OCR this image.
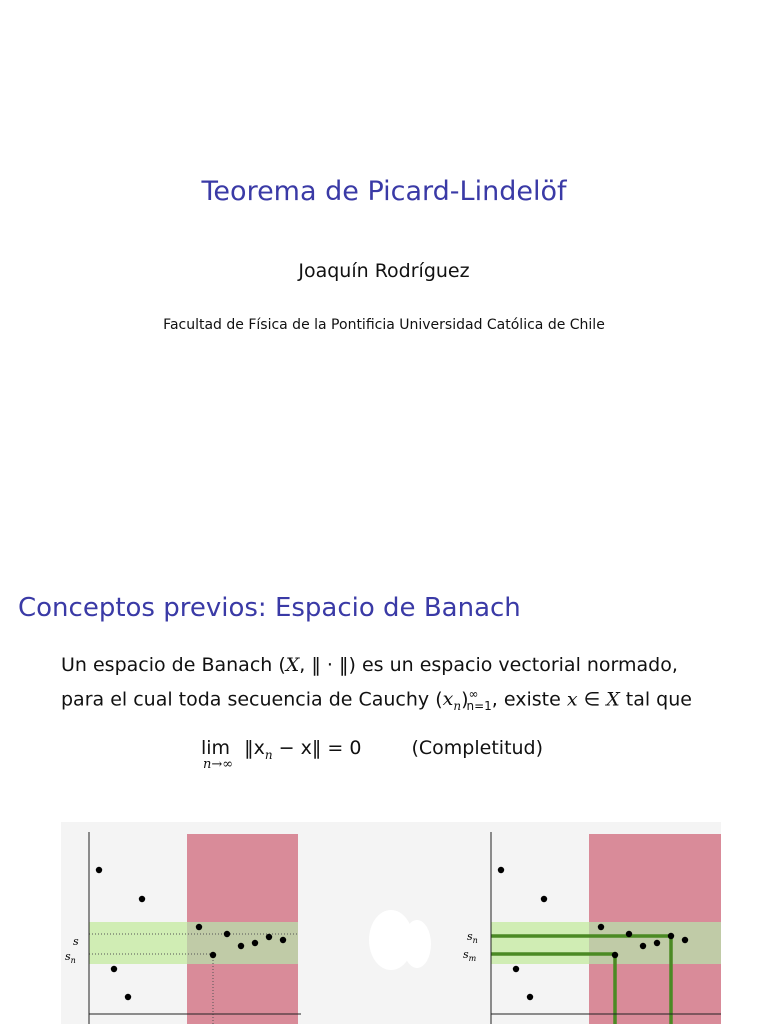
Teorema de Picard-Lindelöf
Joaquín Rodríguez
Facultad de Física de la Pontificia Universidad Católica de Chile
Conceptos previos: Espacio de Banach
Un espacio de Banach (X, ‖ · ‖) es un espacio vectorial normado, para el cual toda secuencia de Cauchy $(x_n)^\infty_{n=1}$, existe x ∈ X tal que
lim
n→∞
$‖x_n$ − x‖ = 0	(Completitud)
s
$s_n$
$s_n$
$s_m$
